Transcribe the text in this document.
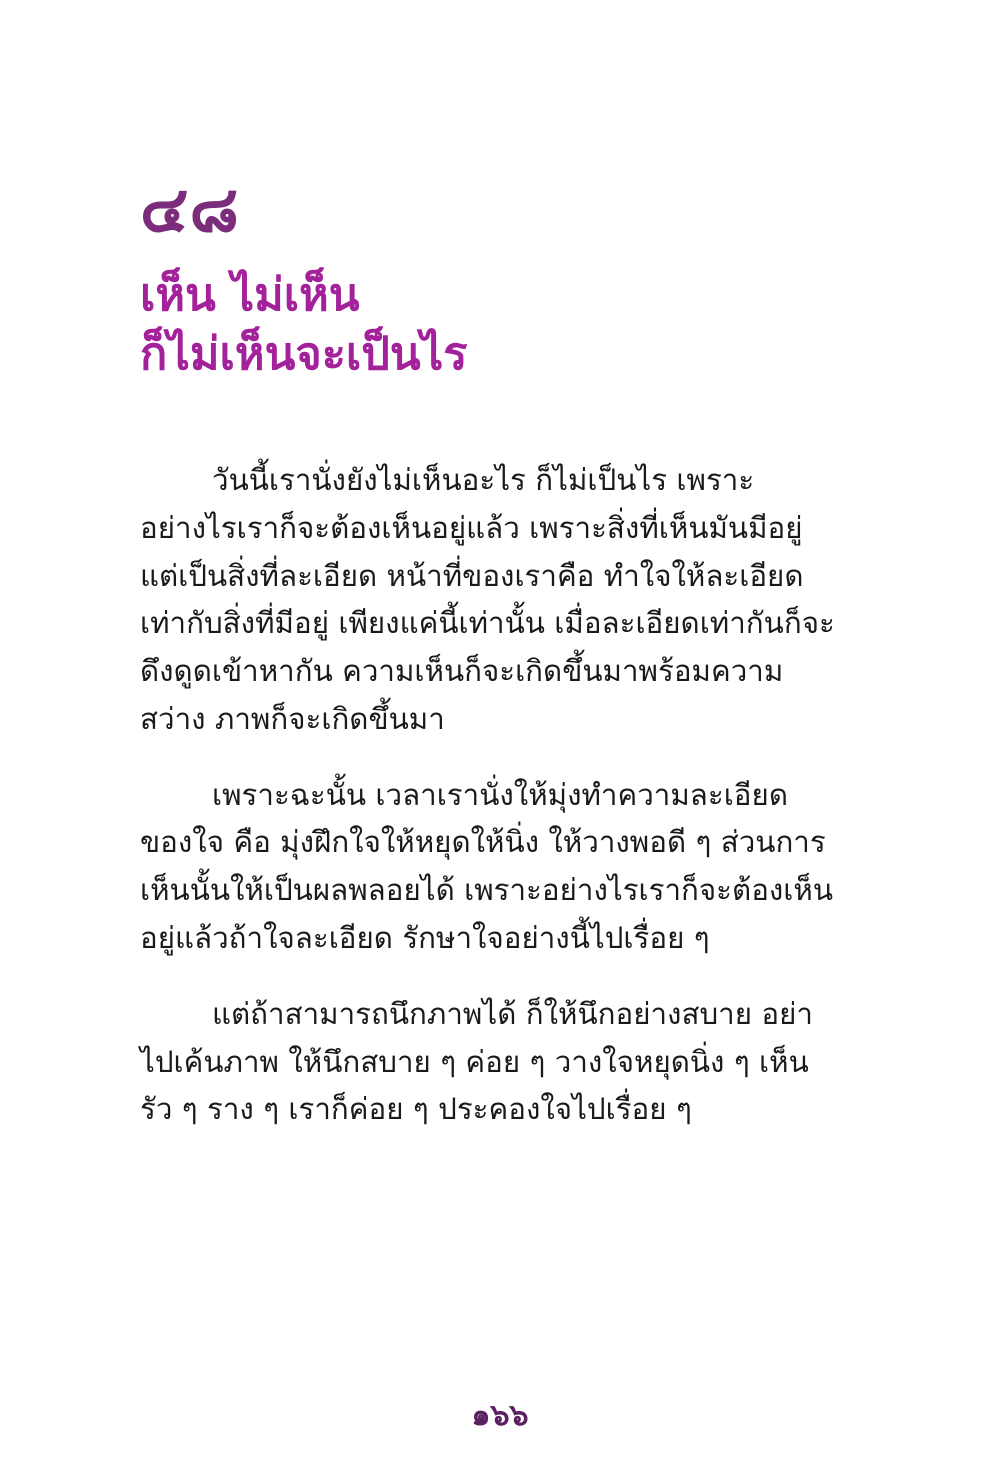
๔๘
เห็น ไม่เห็น
ก็ไม่เห็นจะเป็นไร

วันนี้เรานั่งยังไม่เห็นอะไร ก็ไม่เป็นไร เพราะอย่างไรเราก็จะต้องเห็นอยู่แล้ว เพราะสิ่งที่เห็นมันมีอยู่ แต่เป็นสิ่งที่ละเอียด หน้าที่ของเราคือ ทำใจให้ละเอียดเท่ากับสิ่งที่มีอยู่ เพียงแค่นี้เท่านั้น เมื่อละเอียดเท่ากันก็จะดึงดูดเข้าหากัน ความเห็นก็จะเกิดขึ้นมาพร้อมความสว่าง ภาพก็จะเกิดขึ้นมา

เพราะฉะนั้น เวลาเรานั่งให้มุ่งทำความละเอียดของใจ คือ มุ่งฝึกใจให้หยุดให้นิ่ง ให้วางพอดี ๆ ส่วนการเห็นนั้นให้เป็นผลพลอยได้ เพราะอย่างไรเราก็จะต้องเห็นอยู่แล้วถ้าใจละเอียด รักษาใจอย่างนี้ไปเรื่อย ๆ

แต่ถ้าสามารถนึกภาพได้ ก็ให้นึกอย่างสบาย อย่าไปเค้นภาพ ให้นึกสบาย ๆ ค่อย ๆ วางใจหยุดนิ่ง ๆ เห็นรัว ๆ ราง ๆ เราก็ค่อย ๆ ประคองใจไปเรื่อย ๆ

๑๖๖
